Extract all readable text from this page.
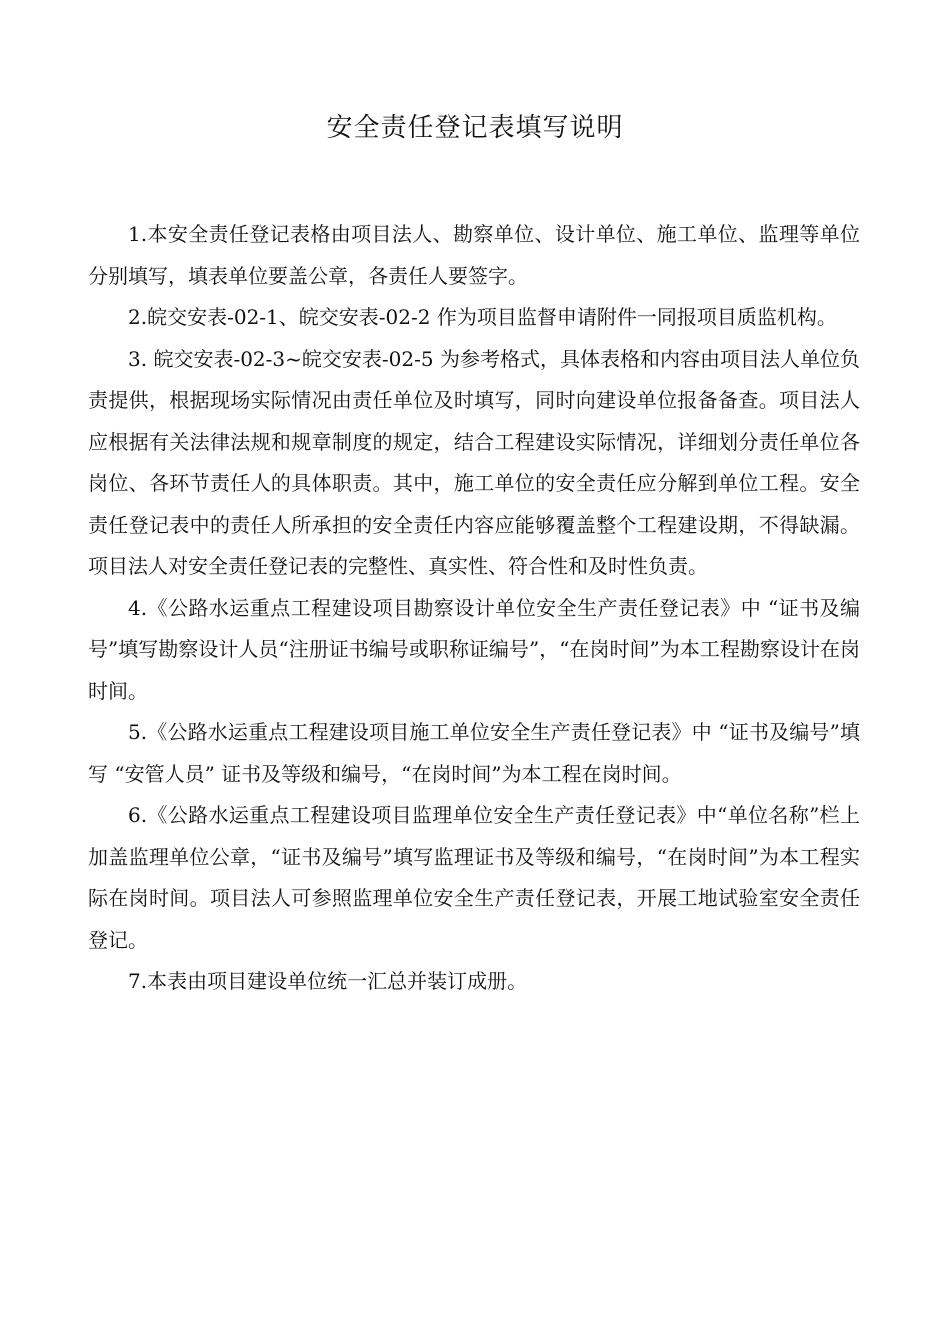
安全责任登记表填写说明

1.本安全责任登记表格由项目法人、勘察单位、设计单位、施工单位、监理等单位分别填写，填表单位要盖公章，各责任人要签字。

2.皖交安表-02-1、皖交安表-02-2 作为项目监督申请附件一同报项目质监机构。

3. 皖交安表-02-3~皖交安表-02-5 为参考格式，具体表格和内容由项目法人单位负责提供，根据现场实际情况由责任单位及时填写，同时向建设单位报备备查。项目法人应根据有关法律法规和规章制度的规定，结合工程建设实际情况，详细划分责任单位各岗位、各环节责任人的具体职责。其中，施工单位的安全责任应分解到单位工程。安全责任登记表中的责任人所承担的安全责任内容应能够覆盖整个工程建设期，不得缺漏。项目法人对安全责任登记表的完整性、真实性、符合性和及时性负责。

4.《公路水运重点工程建设项目勘察设计单位安全生产责任登记表》中 “证书及编号”填写勘察设计人员“注册证书编号或职称证编号”，“在岗时间”为本工程勘察设计在岗时间。

5.《公路水运重点工程建设项目施工单位安全生产责任登记表》中 “证书及编号”填写 “安管人员” 证书及等级和编号，“在岗时间”为本工程在岗时间。

6.《公路水运重点工程建设项目监理单位安全生产责任登记表》中“单位名称”栏上加盖监理单位公章，“证书及编号”填写监理证书及等级和编号，“在岗时间”为本工程实际在岗时间。项目法人可参照监理单位安全生产责任登记表，开展工地试验室安全责任登记。

7.本表由项目建设单位统一汇总并装订成册。
